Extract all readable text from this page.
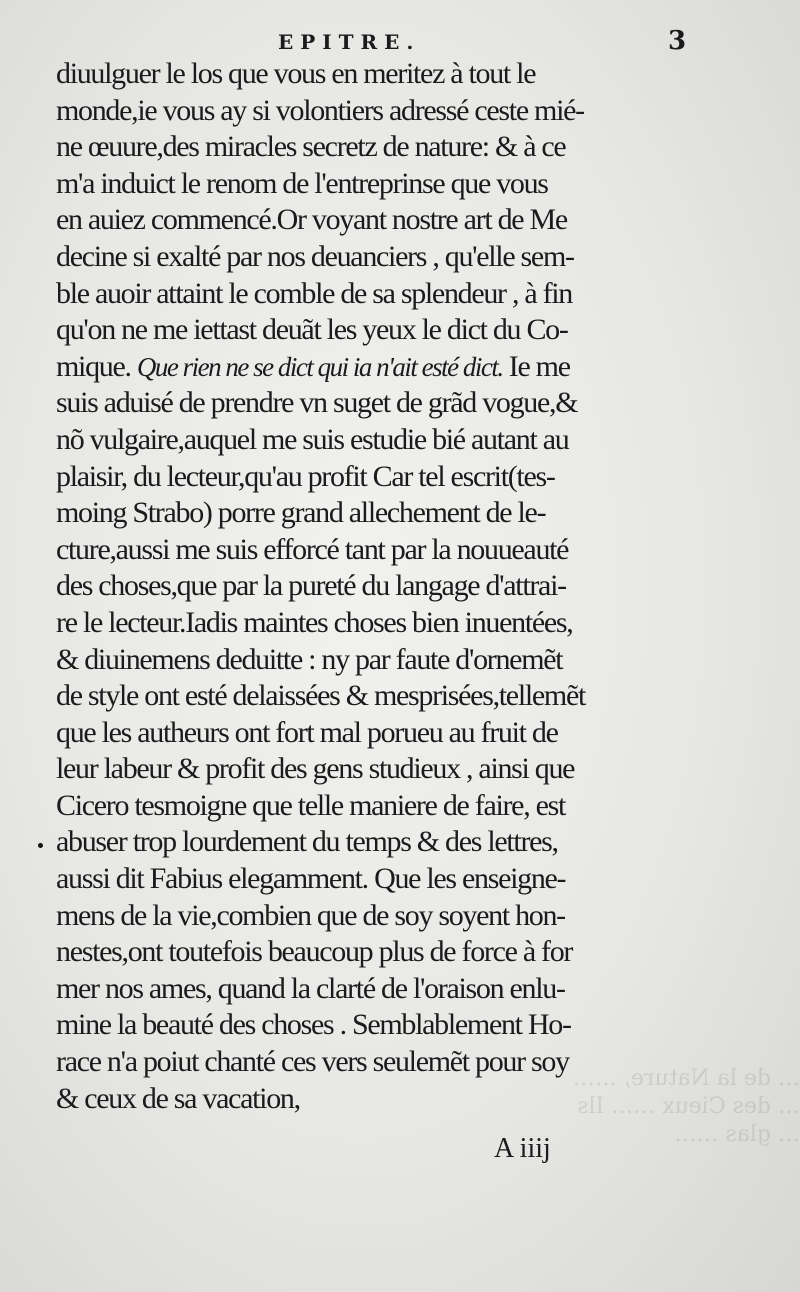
… de la Nature, ……
… des Cieux …… Ils
… glas ……
EPITRE.	3
diuulguer le los que vous en meritez à tout le
monde,ie vous ay si volontiers adressé ceste mié-
ne œuure,des miracles secretz de nature: & à ce
m'a induict le renom de l'entreprinse que vous
en auiez commencé.Or voyant nostre art de Me
decine si exalté par nos deuanciers , qu'elle sem-
ble auoir attaint le comble de sa splendeur , à fin
qu'on ne me iettast deuãt les yeux le dict du Co-
mique. Que rien ne se dict qui ia n'ait esté dict. Ie me
suis aduisé de prendre vn suget de grãd vogue,&
nõ vulgaire,auquel me suis estudie bié autant au
plaisir, du lecteur,qu'au profit Car tel escrit(tes-
moing Strabo) porre grand allechement de le-
cture,aussi me suis efforcé tant par la nouueauté
des choses,que par la pureté du langage d'attrai-
re le lecteur.Iadis maintes choses bien inuentées,
& diuinemens deduitte : ny par faute d'ornemẽt
de style ont esté delaissées & mesprisées,tellemẽt
que les autheurs ont fort mal porueu au fruit de
leur labeur & profit des gens studieux , ainsi que
Cicero tesmoigne que telle maniere de faire, est
abuser trop lourdement du temps & des lettres,
aussi dit Fabius elegamment. Que les enseigne-
mens de la vie,combien que de soy soyent hon-
nestes,ont toutefois beaucoup plus de force à for
mer nos ames, quand la clarté de l'oraison enlu-
mine la beauté des choses . Semblablement Ho-
race n'a poiut chanté ces vers seulemẽt pour soy
& ceux de sa vacation,
A iiij
